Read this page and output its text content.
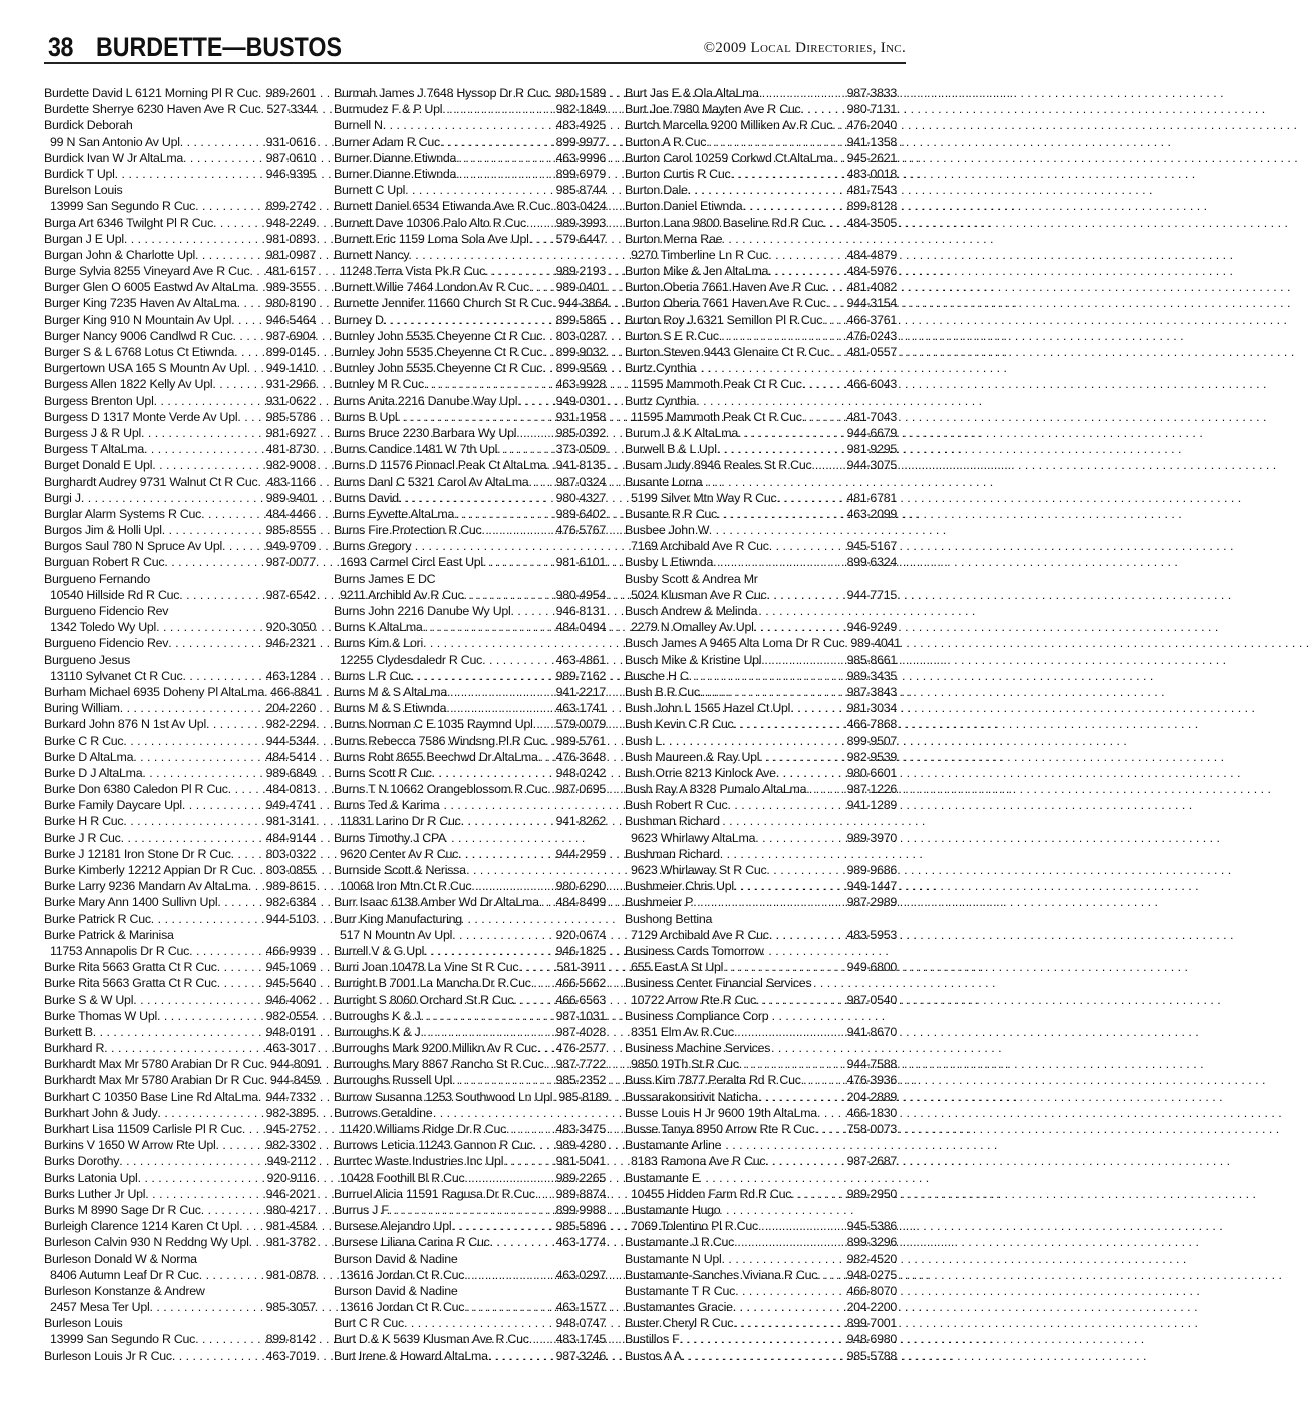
38 BURDETTE—BUSTOS	©2009 Local Directories, Inc.
Burdette David L 6121 Morning Pl R Cuc . . . 989-2601
Burdette Sherrye 6230 Haven Ave R Cuc . . . 527-3344
Burdick Deborah
99 N San Antonio Av Upl . . .	931-0616
Burdick Ivan W Jr AltaLma . . .	987-0610
Burdick T Upl . . .	946-9395
Burelson Louis
13999 San Segundo R Cuc . . .	899-2742
Burga Art 6346 Twilght Pl R Cuc . . .	948-2249
Burgan J E Upl . . .	981-0893
Burgan John & Charlotte Upl . . .	981-0987
Burge Sylvia 8255 Vineyard Ave R Cuc . . . 481-6157
Burger Glen O 6005 Eastwd Av AltaLma . . . 989-3555
Burger King 7235 Haven Av AltaLma . . . 980-8190
Burger King 910 N Mountain Av Upl . . .	946-5464
Burger Nancy 9006 Candlwd R Cuc . . .	987-6904
Burger S & L 6768 Lotus Ct Etiwnda . . .	899-0145
Burgertown USA 165 S Mountn Av Upl . . . 949-1410
Burgess Allen 1822 Kelly Av Upl . . .	931-2966
Burgess Brenton Upl . . .	931-0622
Burgess D 1317 Monte Verde Av Upl . . . 985-5786
Burgess J & R Upl . . .	981-6927
Burgess T AltaLma . . .	481-8730
Burget Donald E Upl . . .	982-9008
Burghardt Audrey 9731 Walnut Ct R Cuc . . . 483-1166
Burgi J . . .	989-9401
Burglar Alarm Systems R Cuc . . .	484-4466
Burgos Jim & Holli Upl . . .	985-8555
Burgos Saul 780 N Spruce Av Upl . . .	949-9709
Burguan Robert R Cuc . . .	987-0077
Burgueno Fernando
10540 Hillside Rd R Cuc . . .	987-6542
Burgueno Fidencio Rev
1342 Toledo Wy Upl . . .	920-3050
Burgueno Fidencio Rev . . .	946-2321
Burgueno Jesus
13110 Sylvanet Ct R Cuc . . .	463-1284
Burham Michael 6935 Doheny Pl AltaLma . . . 466-8841
Buring William . . .	204-2260
Burkard John 876 N 1st Av Upl . . .	982-2294
Burke C R Cuc . . .	944-5344
Burke D AltaLma . . .	484-5414
Burke D J AltaLma . . .	989-6849
Burke Don 6380 Caledon Pl R Cuc . . .	484-0813
Burke Family Daycare Upl . . .	949-4741
Burke H R Cuc . . .	981-3141
Burke J R Cuc . . .	484-9144
Burke J 12181 Iron Stone Dr R Cuc . . .	803-0322
Burke Kimberly 12212 Appian Dr R Cuc . . . 803-0855
Burke Larry 9236 Mandarn Av AltaLma . . . 989-8615
Burke Mary Ann 1400 Sullivn Upl . . .	982-6384
Burke Patrick R Cuc . . .	944-5103
Burke Patrick & Marinisa
11753 Annapolis Dr R Cuc . . .	466-9939
Burke Rita 5663 Gratta Ct R Cuc . . .	945-1069
Burke Rita 5663 Gratta Ct R Cuc . . .	945-5640
Burke S & W Upl . . .	946-4062
Burke Thomas W Upl . . .	982-0554
Burkett B . . .	948-0191
Burkhard R . . .	463-3017
Burkhardt Max Mr 5780 Arabian Dr R Cuc . . . 944-8091
Burkhardt Max Mr 5780 Arabian Dr R Cuc . . . 944-8459
Burkhart C 10350 Base Line Rd AltaLma . . . 944-7332
Burkhart John & Judy . . .	982-3895
Burkhart Lisa 11509 Carlisle Pl R Cuc . . . 945-2752
Burkins V 1650 W Arrow Rte Upl . . .	982-3302
Burks Dorothy . . .	949-2112
Burks Latonia Upl . . .	920-9116
Burks Luther Jr Upl . . .	946-2021
Burks M 8990 Sage Dr R Cuc . . .	980-4217
Burleigh Clarence 1214 Karen Ct Upl . . . 981-4584
Burleson Calvin 930 N Reddng Wy Upl . . . 981-3782
Burleson Donald W & Norma
8406 Autumn Leaf Dr R Cuc . . .	981-0878
Burleson Konstanze & Andrew
2457 Mesa Ter Upl . . .	985-3057
Burleson Louis
13999 San Segundo R Cuc . . .	899-8142
Burleson Louis Jr R Cuc . . .	463-7019
Burmah James J 7648 Hyssop Dr R Cuc . . . 980-1589
Burmudez F & P Upl . . .	982-1849
Burnell N . . .	483-4925
Burner Adam R Cuc . . .	899-9977
Burner Dianne Etiwnda . . .	463-9996
Burner Dianne Etiwnda . . .	899-6979
Burnett C Upl . . .	985-8744
Burnett Daniel 6534 Etiwanda Ave R Cuc . . . 803-0424
Burnett Dave 10306 Palo Alto R Cuc . . . 989-3993
Burnett Eric 1159 Loma Sola Ave Upl . . . 579-6447
Burnett Nancy
11248 Terra Vista Pk R Cuc . . .	989-2193
Burnett Willie 7464 London Av R Cuc . . . 989-0401
Burnette Jennifer 11660 Church St R Cuc . . . 944-3864
Burney D . . .	899-5865
Burnley John 5535 Cheyenne Ct R Cuc . . . 803-0287
Burnley John 5535 Cheyenne Ct R Cuc . . . 899-9032
Burnley John 5535 Cheyenne Ct R Cuc . . . 899-9569
Burnley M R Cuc . . .	463-9928
Burns Anita 2216 Danube Way Upl . . .	949-0301
Burns B Upl . . .	931-1958
Burns Bruce 2230 Barbara Wy Upl . . .	985-0392
Burns Candice 1481 W 7th Upl . . .	373-0509
Burns D 11576 Pinnacl Peak Ct AltaLma . . . 941-8135
Burns Danl C 5321 Carol Av AltaLma . . . 987-0324
Burns David . . .	980-4327
Burns Eyvette AltaLma . . .	989-6402
Burns Fire Protection R Cuc . . .	476-5767
Burns Gregory
1693 Carmel Circl East Upl . . .	981-6101
Burns James E DC
9211 Archibld Av R Cuc . . .	980-4954
Burns John 2216 Danube Wy Upl . . .	946-8131
Burns K AltaLma . . .	484-0494
Burns Kim & Lori
12255 Clydesdaledr R Cuc . . .	463-4861
Burns L R Cuc . . .	989-7162
Burns M & S AltaLma . . .	941-2217
Burns M & S Etiwnda . . .	463-1741
Burns Norman C E 1035 Raymnd Upl . . . 579-0079
Burns Rebecca 7586 Windsng Pl R Cuc . . . 989-5761
Burns Robt 8655 Beechwd Dr AltaLma . . . 476-3648
Burns Scott R Cuc . . .	948-0242
Burns T N 10662 Orangeblossom R Cuc . . . 987-0695
Burns Ted & Karima
11831 Larino Dr R Cuc . . .	941-8262
Burns Timothy J CPA
9620 Center Av R Cuc . . .	944-2959
Burnside Scott & Nerissa
10068 Iron Mtn Ct R Cuc . . .	980-6290
Burr Isaac 6138 Amber Wd Dr AltaLma . . . 484-8499
Burr King Manufacturing
517 N Mountn Av Upl . . .	920-0674
Burrell V & G Upl . . .	946-1825
Burri Joan 10478 La Vine St R Cuc . . .	581-3911
Burright B 7001 La Mancha Dr R Cuc . . . 466-5662
Burright S 8060 Orchard St R Cuc . . .	466-6563
Burroughs K & J . . .	987-1031
Burroughs K & J . . .	987-4028
Burroughs Mark 9200 Millikn Av R Cuc . . . 476-2577
Burroughs Mary 8867 Rancho St R Cuc . . . 987-7722
Burroughs Russell Upl . . .	985-2352
Burrow Susanna 1253 Southwood Ln Upl . . . 985-8189
Burrows Geraldine
11420 Williams Ridge Dr R Cuc . . .	483-3475
Burrows Leticia 11243 Gannon R Cuc . . . 989-4280
Burrtec Waste Industries Inc Upl . . .	981-5041
10428 Foothill Bl R Cuc . . .	989-2265
Burruel Alicia 11591 Ragusa Dr R Cuc . . . 989-8874
Burrus J F . . .	899-9988
Bursese Alejandro Upl . . .	985-5896
Bursese Liliana Carina R Cuc . . .	463-1774
Burson David & Nadine
13616 Jordan Ct R Cuc . . .	463-0297
Burson David & Nadine
13616 Jordan Ct R Cuc . . .	463-1577
Burt C R Cuc . . .	948-0747
Burt D & K 5639 Klusman Ave R Cuc . . . 483-1745
Burt Irene & Howard AltaLma . . .	987-3246
Burt Jas E & Ola AltaLma . . .	987-3833
Burt Joe 7980 Mayten Ave R Cuc . . .	980-7131
Burtch Marcella 9200 Milliken Av R Cuc . . . 476-2040
Burton A R Cuc . . .	941-1358
Burton Carol 10259 Corkwd Ct AltaLma . . . 945-2621
Burton Curtis R Cuc . . .	483-0018
Burton Dale . . .	481-7543
Burton Daniel Etiwnda . . .	899-8128
Burton Lana 9800 Baseline Rd R Cuc . . . 484-3505
Burton Merna Rae
9270 Timberline Ln R Cuc . . .	484-4879
Burton Mike & Jen AltaLma . . .	484-5976
Burton Oberia 7661 Haven Ave R Cuc . . . 481-4082
Burton Oberia 7661 Haven Ave R Cuc . . . 944-3154
Burton Roy J 6321 Semillon Pl R Cuc . . . 466-3761
Burton S E R Cuc . . .	476-0243
Burton Steven 9443 Glenaire Ct R Cuc . . . 481-0557
Burtz Cynthia
11595 Mammoth Peak Ct R Cuc . . .	466-6043
Burtz Cynthia
11595 Mammoth Peak Ct R Cuc . . .	481-7043
Burum J & K AltaLma . . .	944-6679
Burwell B & L Upl . . .	981-9295
Busam Judy 8946 Reales St R Cuc . . .	944-3075
Busante Lorna
5199 Silver Mtn Way R Cuc . . .	481-6781
Busante R R Cuc . . .	463-2099
Busbee John W
7169 Archibald Ave R Cuc . . .	945-5167
Busby L Etiwnda . . .	899-6324
Busby Scott & Andrea Mr
5024 Klusman Ave R Cuc . . .	944-7715
Busch Andrew & Melinda
2279 N Omalley Av Upl . . .	946-9249
Busch James A 9465 Alta Loma Dr R Cuc . . . 989-4041
Busch Mike & Kristine Upl . . .	985-8661
Busche H C . . .	989-3435
Bush B R Cuc . . .	987-3843
Bush John L 1565 Hazel Ct Upl . . .	981-3034
Bush Kevin C R Cuc . . .	466-7868
Bush L . . .	899-9507
Bush Maureen & Ray Upl . . .	982-9539
Bush Orrie 8213 Kinlock Ave . . .	980-6601
Bush Ray A 8328 Pumalo AltaLma . . .	987-1226
Bush Robert R Cuc . . .	941-1289
Bushman Richard
9623 Whirlawy AltaLma . . .	989-3970
Bushman Richard
9623 Whirlaway St R Cuc . . .	989-9686
Bushmeier Chris Upl . . .	949-1447
Bushmeier P . . .	987-2989
Bushong Bettina
7129 Archibald Ave R Cuc . . .	483-5953
Business Cards Tomorrow
655 East A St Upl . . .	949-6800
Business Center Financial Services
10722 Arrow Rte R Cuc . . .	987-0540
Business Compliance Corp
8351 Elm Av R Cuc . . .	941-8670
Business Machine Services
9850 19Th St R Cuc . . .	944-7588
Buss Kim 7877 Peralta Rd R Cuc . . .	476-3936
Bussarakonsirivit Naticha . . .	204-2889
Busse Louis H Jr 9600 19th AltaLma . . . 466-1830
Busse Tanya 8950 Arrow Rte R Cuc . . .	758-0073
Bustamante Arline
8183 Ramona Ave R Cuc . . .	987-2687
Bustamante E
10455 Hidden Farm Rd R Cuc . . .	989-2950
Bustamante Hugo
7069 Tolentino Pl R Cuc . . .	945-5386
Bustamante J R Cuc . . .	899-3296
Bustamante N Upl . . .	982-4520
Bustamante-Sanches Viviana R Cuc . . . 948-0275
Bustamante T R Cuc . . .	466-8070
Bustamantes Gracie . . .	204-2200
Buster Cheryl R Cuc . . .	899-7001
Bustillos F . . .	948-6980
Bustos A A . . .	985-5788
